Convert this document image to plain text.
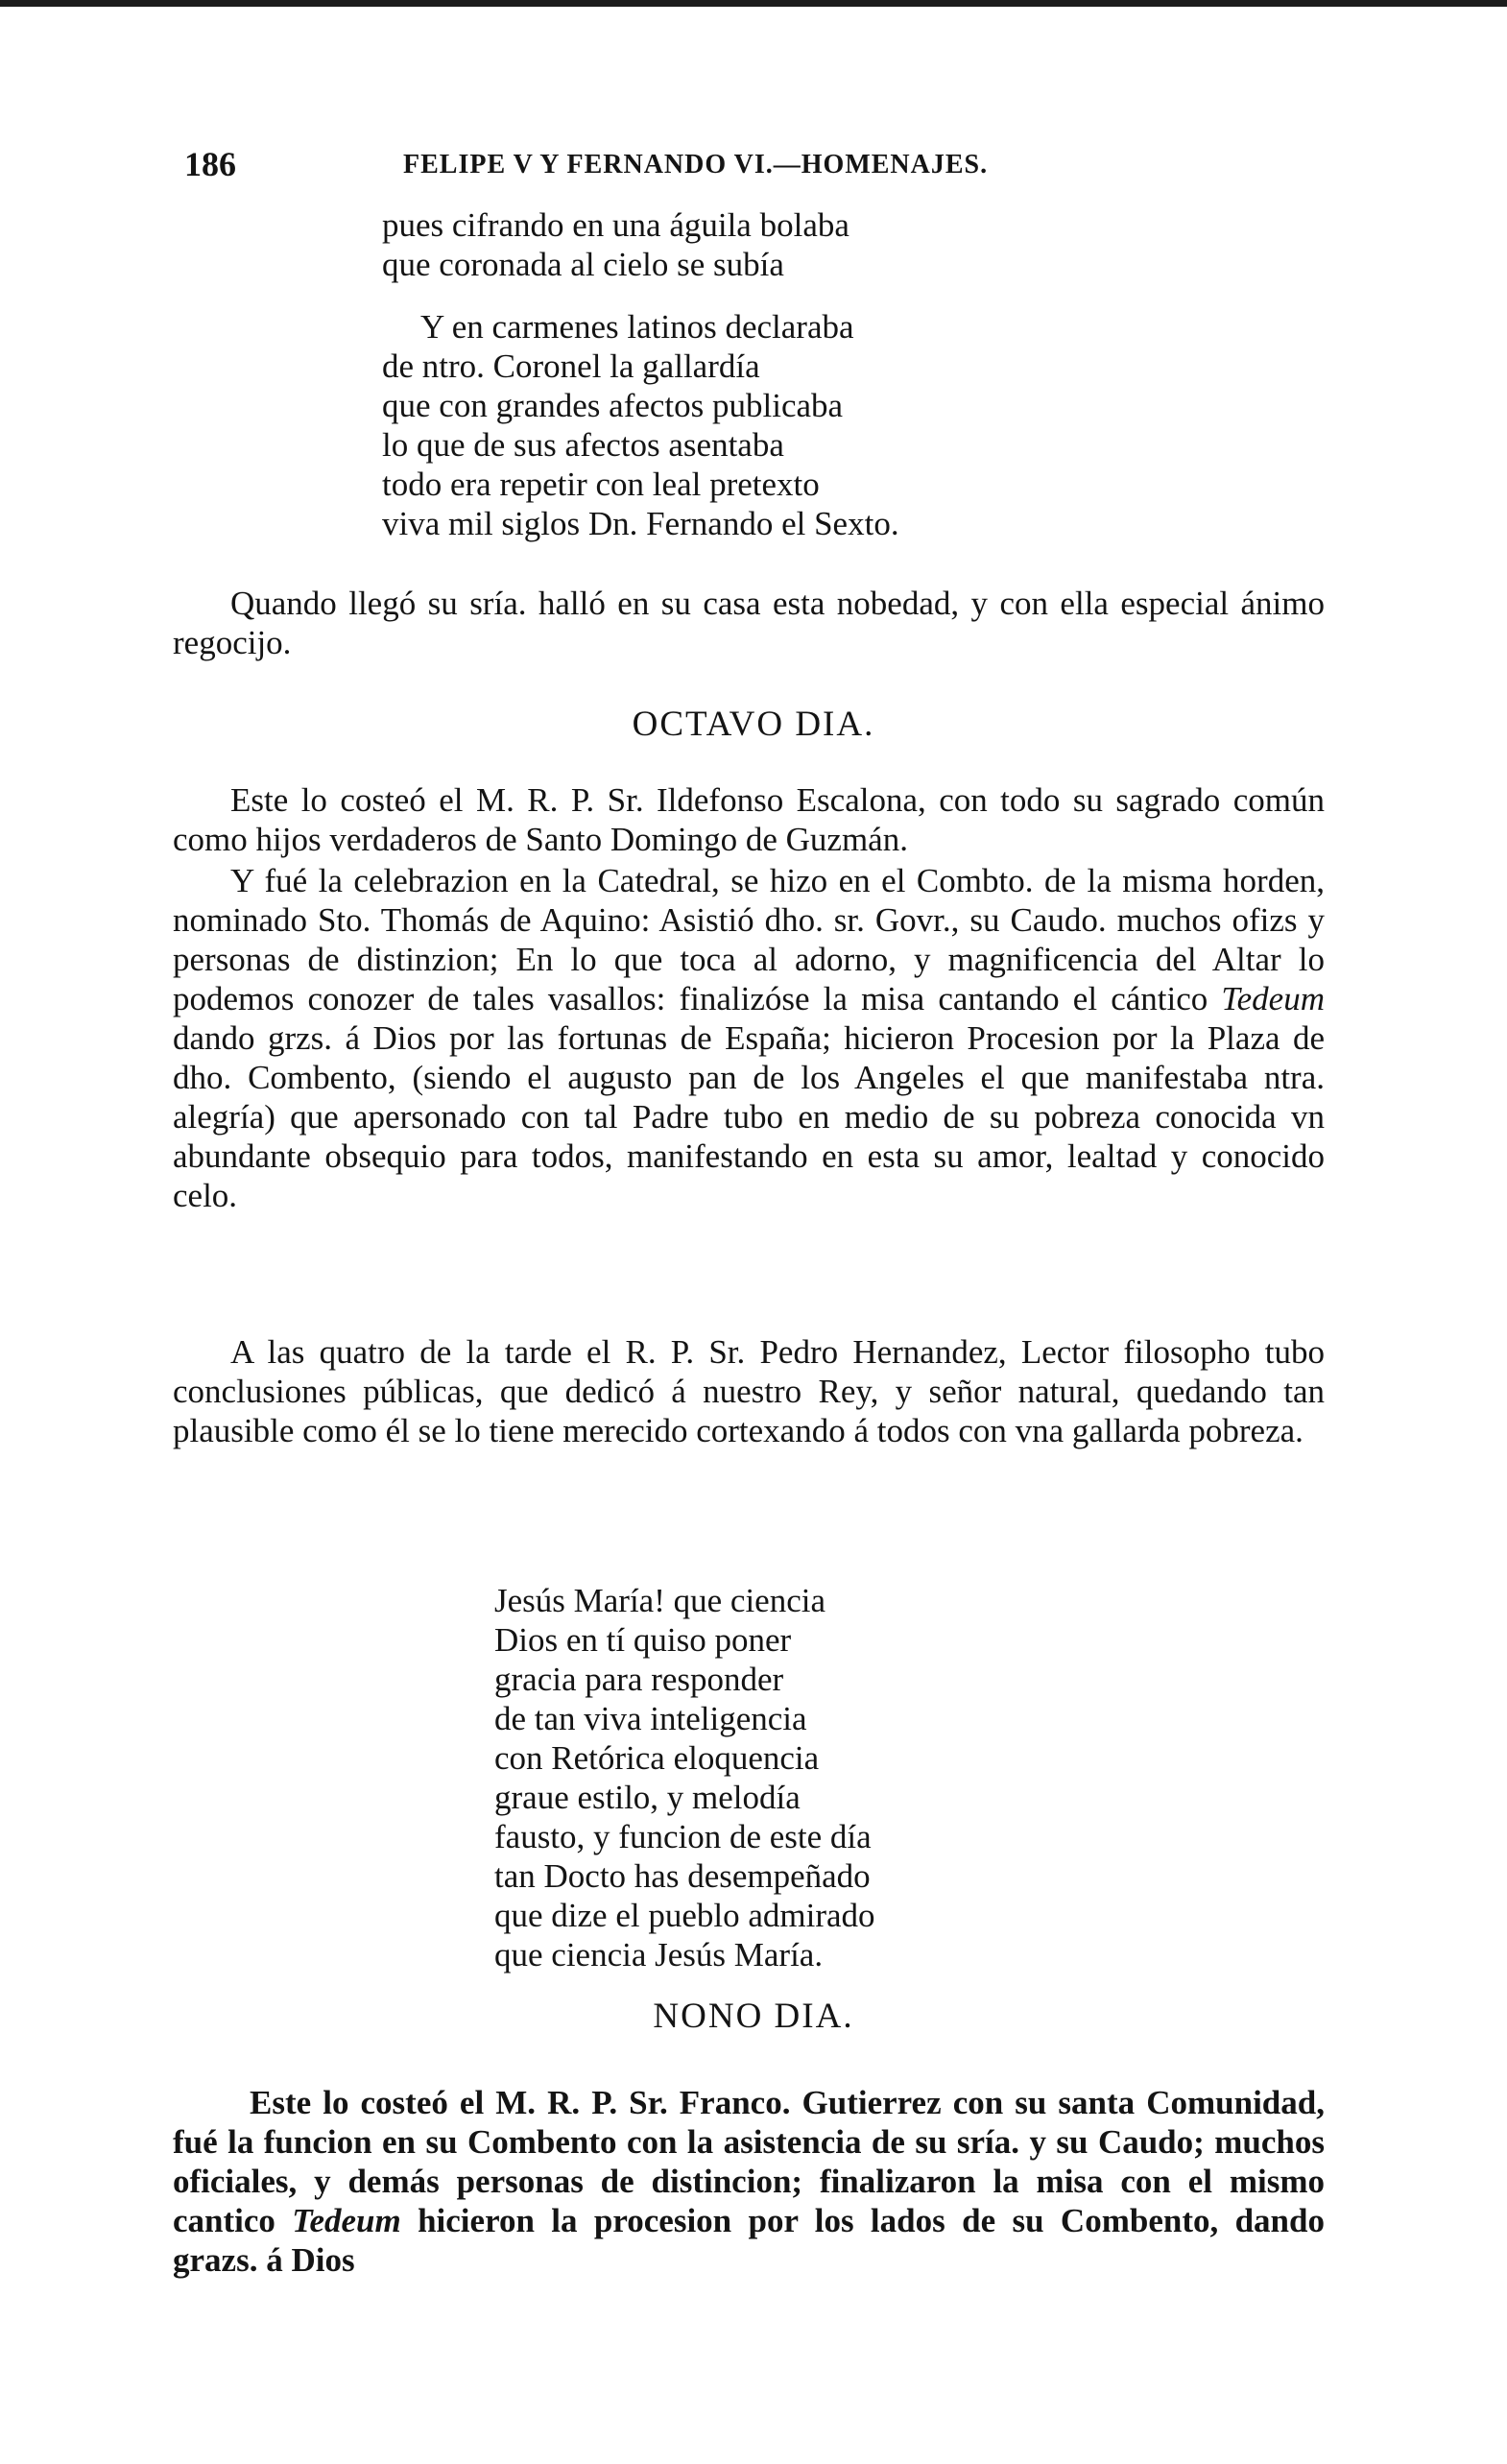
186	FELIPE V Y FERNANDO VI.—HOMENAJES.
pues cifrando en una águila bolaba
que coronada al cielo se subía
Y en carmenes latinos declaraba
de ntro. Coronel la gallardía
que con grandes afectos publicaba
lo que de sus afectos asentaba
todo era repetir con leal pretexto
viva mil siglos Dn. Fernando el Sexto.

Quando llegó su sría. halló en su casa esta nobedad, y con ella especial ánimo regocijo.

OCTAVO DIA.

Este lo costeó el M. R. P. Sr. Ildefonso Escalona, con todo su sagrado común como hijos verdaderos de Santo Domingo de Guzmán.

Y fué la celebrazion en la Catedral, se hizo en el Combto. de la misma horden, nominado Sto. Thomás de Aquino: Asistió dho. sr. Govr., su Caudo. muchos ofizs y personas de distinzion; En lo que toca al adorno, y magnificencia del Altar lo podemos conozer de tales vasallos: finalizóse la misa cantando el cántico Tedeum dando grzs. á Dios por las fortunas de España; hicieron Procesion por la Plaza de dho. Combento, (siendo el augusto pan de los Angeles el que manifestaba ntra. alegría) que apersonado con tal Padre tubo en medio de su pobreza conocida vn abundante obsequio para todos, manifestando en esta su amor, lealtad y conocido celo.

A las quatro de la tarde el R. P. Sr. Pedro Hernandez, Lector filosopho tubo conclusiones públicas, que dedicó á nuestro Rey, y señor natural, quedando tan plausible como él se lo tiene merecido cortexando á todos con vna gallarda pobreza.

Jesús María! que ciencia
Dios en tí quiso poner
gracia para responder
de tan viva inteligencia
con Retórica eloquencia
graue estilo, y melodía
fausto, y funcion de este día
tan Docto has desempeñado
que dize el pueblo admirado
que ciencia Jesús María.
NONO DIA.

Este lo costeó el M. R. P. Sr. Franco. Gutierrez con su santa Comunidad, fué la funcion en su Combento con la asistencia de su sría. y su Caudo; muchos oficiales, y demás personas de distincion; finalizaron la misa con el mismo cantico Tedeum hicieron la procesion por los lados de su Combento, dando grazs. á Dios
